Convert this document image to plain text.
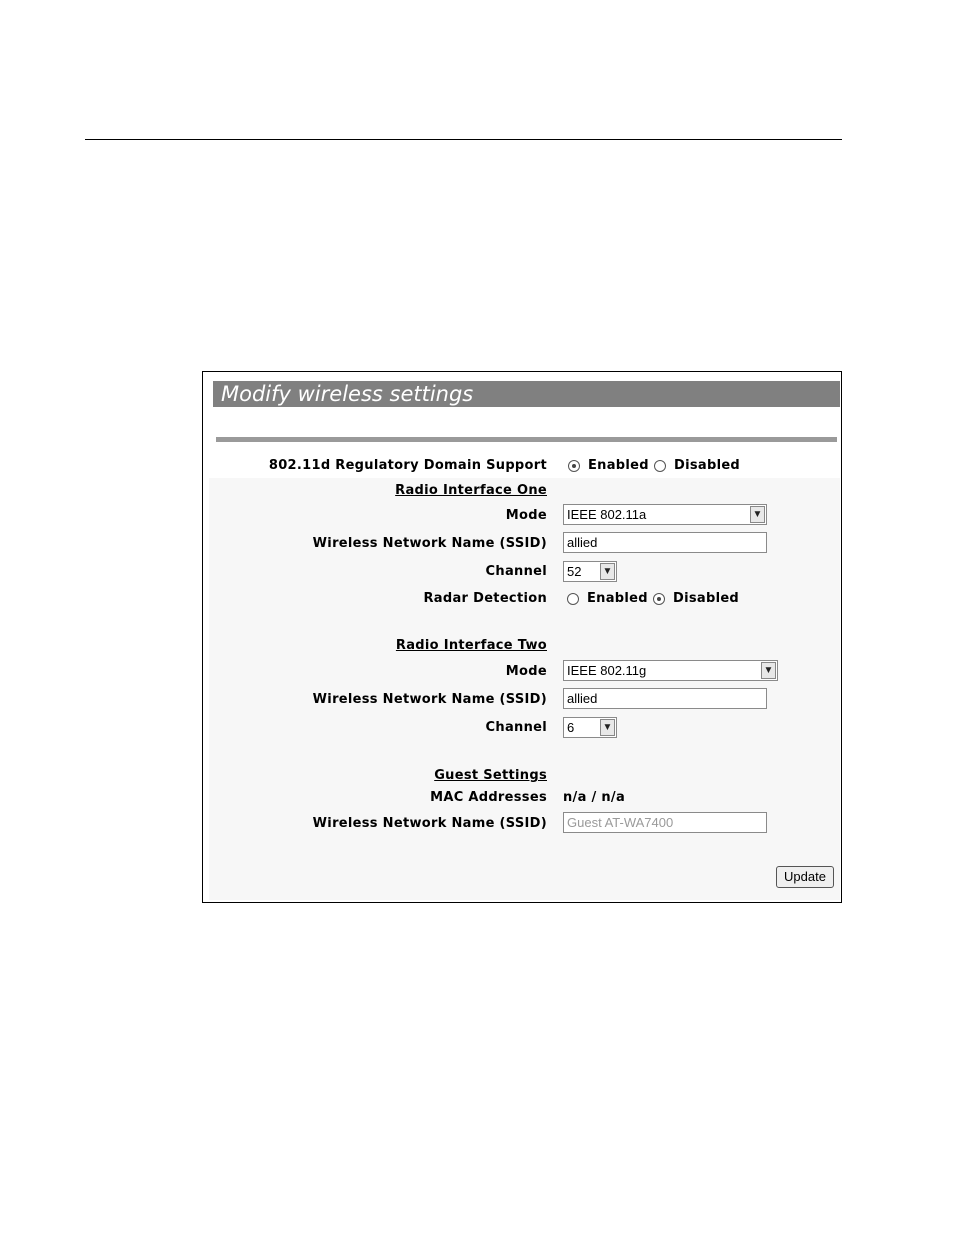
Modify wireless settings
802.11d Regulatory Domain Support	Enabled Disabled
Radio Interface One
Mode	IEEE 802.11a	▼
Wireless Network Name (SSID)	allied
Channel	52 ▼
Radar Detection	Enabled Disabled
Radio Interface Two
Mode	IEEE 802.11g	▼
Wireless Network Name (SSID)	allied
Channel	6	▼
Guest Settings
MAC Addresses n/a / n/a
Wireless Network Name (SSID)	Guest AT-WA7400
Update
